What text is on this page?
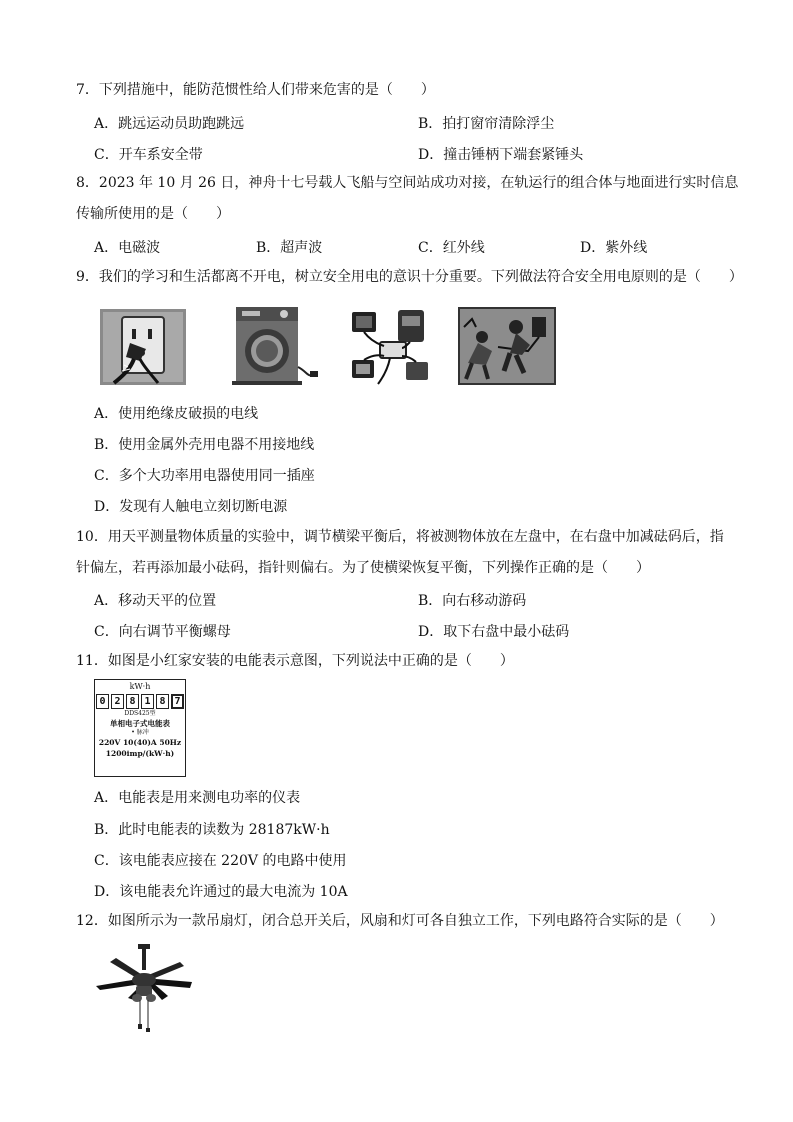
7．下列措施中，能防范惯性给人们带来危害的是（　　）
A．跳远运动员助跑跳远	B．拍打窗帘清除浮尘
C．开车系安全带	D．撞击锤柄下端套紧锤头
8．2023 年 10 月 26 日，神舟十七号载人飞船与空间站成功对接，在轨运行的组合体与地面进行实时信息
传输所使用的是（　　）
A．电磁波	B．超声波	C．红外线	D．紫外线
9．我们的学习和生活都离不开电，树立安全用电的意识十分重要。下列做法符合安全用电原则的是（　　）
A．使用绝缘皮破损的电线
B．使用金属外壳用电器不用接地线
C．多个大功率用电器使用同一插座
D．发现有人触电立刻切断电源
10．用天平测量物体质量的实验中，调节横梁平衡后，将被测物体放在左盘中，在右盘中加减砝码后，指
针偏左，若再添加最小砝码，指针则偏右。为了使横梁恢复平衡，下列操作正确的是（　　）
A．移动天平的位置	B．向右移动游码
C．向右调节平衡螺母	D．取下右盘中最小砝码
11．如图是小红家安装的电能表示意图，下列说法中正确的是（　　）
kW·h
0 2 8 1 8 7
DDS425型
单相电子式电能表
• 脉冲
220V 10(40)A 50Hz
1200imp/(kW·h)
A．电能表是用来测电功率的仪表
B．此时电能表的读数为 28187kW·h
C．该电能表应接在 220V 的电路中使用
D．该电能表允许通过的最大电流为 10A
12．如图所示为一款吊扇灯，闭合总开关后，风扇和灯可各自独立工作，下列电路符合实际的是（　　）
